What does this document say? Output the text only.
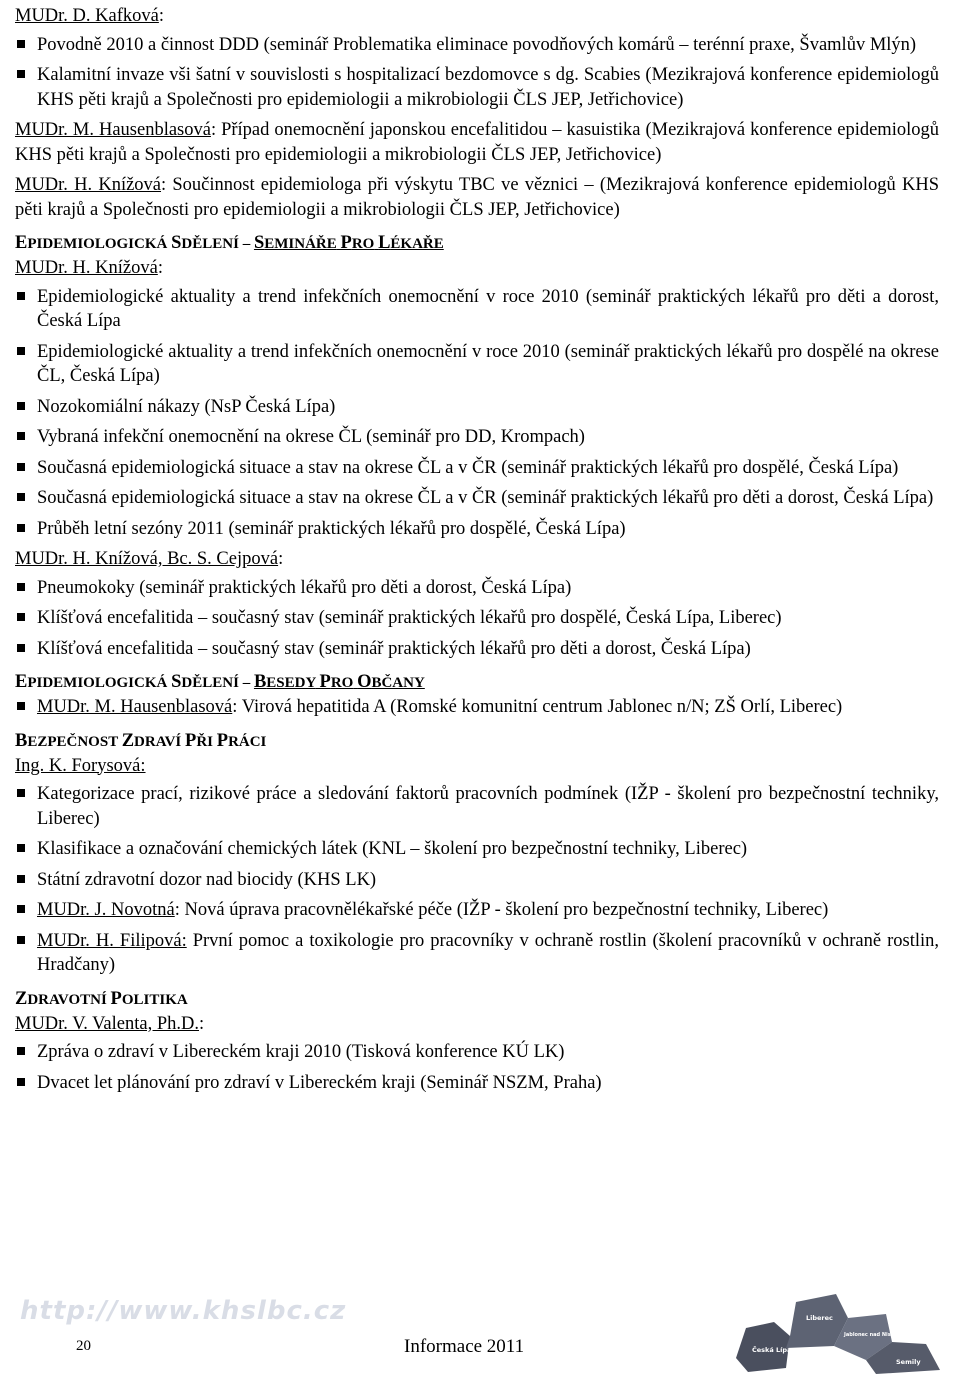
MUDr. D. Kafková:
Povodně 2010 a činnost DDD (seminář Problematika eliminace povodňových komárů – terénní praxe, Švamlův Mlýn)
Kalamitní invaze vši šatní v souvislosti s hospitalizací bezdomovce s dg. Scabies (Mezikrajová konference epidemiologů KHS pěti krajů a Společnosti pro epidemiologii a mikrobiologii ČLS JEP, Jetřichovice)

MUDr. M. Hausenblasová: Případ onemocnění japonskou encefalitidou – kasuistika (Mezikrajová konference epidemiologů KHS pěti krajů a Společnosti pro epidemiologii a mikrobiologii ČLS JEP, Jetřichovice)

MUDr. H. Knížová: Součinnost epidemiologa při výskytu TBC ve věznici – (Mezikrajová konference epidemiologů KHS pěti krajů a Společnosti pro epidemiologii a mikrobiologii ČLS JEP, Jetřichovice)

EPIDEMIOLOGICKÁ SDĚLENÍ – SEMINÁŘE PRO LÉKAŘE
MUDr. H. Knížová:
Epidemiologické aktuality a trend infekčních onemocnění v roce 2010 (seminář praktických lékařů pro děti a dorost, Česká Lípa
Epidemiologické aktuality a trend infekčních onemocnění v roce 2010 (seminář praktických lékařů pro dospělé na okrese ČL, Česká Lípa)
Nozokomiální nákazy (NsP Česká Lípa)
Vybraná infekční onemocnění na okrese ČL (seminář pro DD, Krompach)
Současná epidemiologická situace a stav na okrese ČL a v ČR (seminář praktických lékařů pro dospělé, Česká Lípa)
Současná epidemiologická situace a stav na okrese ČL a v ČR (seminář praktických lékařů pro děti a dorost, Česká Lípa)
Průběh letní sezóny 2011 (seminář praktických lékařů pro dospělé, Česká Lípa)
MUDr. H. Knížová, Bc. S. Cejpová:
Pneumokoky (seminář praktických lékařů pro děti a dorost, Česká Lípa)
Klíšťová encefalitida – současný stav (seminář praktických lékařů pro dospělé, Česká Lípa, Liberec)
Klíšťová encefalitida – současný stav (seminář praktických lékařů pro děti a dorost, Česká Lípa)
EPIDEMIOLOGICKÁ SDĚLENÍ – BESEDY PRO OBČANY
MUDr. M. Hausenblasová: Virová hepatitida A (Romské komunitní centrum Jablonec n/N; ZŠ Orlí, Liberec)
BEZPEČNOST ZDRAVÍ PŘI PRÁCI
Ing. K. Forysová:
Kategorizace prací, rizikové práce a sledování faktorů pracovních podmínek (IŽP - školení pro bezpečnostní techniky, Liberec)
Klasifikace a označování chemických látek (KNL – školení pro bezpečnostní techniky, Liberec)
Státní zdravotní dozor nad biocidy (KHS LK)
MUDr. J. Novotná: Nová úprava pracovnělékařské péče (IŽP - školení pro bezpečnostní techniky, Liberec)
MUDr. H. Filipová: První pomoc a toxikologie pro pracovníky v ochraně rostlin (školení pracovníků v ochraně rostlin, Hradčany)
ZDRAVOTNÍ POLITIKA
MUDr. V. Valenta, Ph.D.:
Zpráva o zdraví v Libereckém kraji 2010 (Tisková konference KÚ LK)
Dvacet let plánování pro zdraví v Libereckém kraji (Seminář NSZM, Praha)
http://www.khslbc.cz
Česká Lípa
Liberec
Jablonec nad Nisou
Semily
20	Informace 2011
